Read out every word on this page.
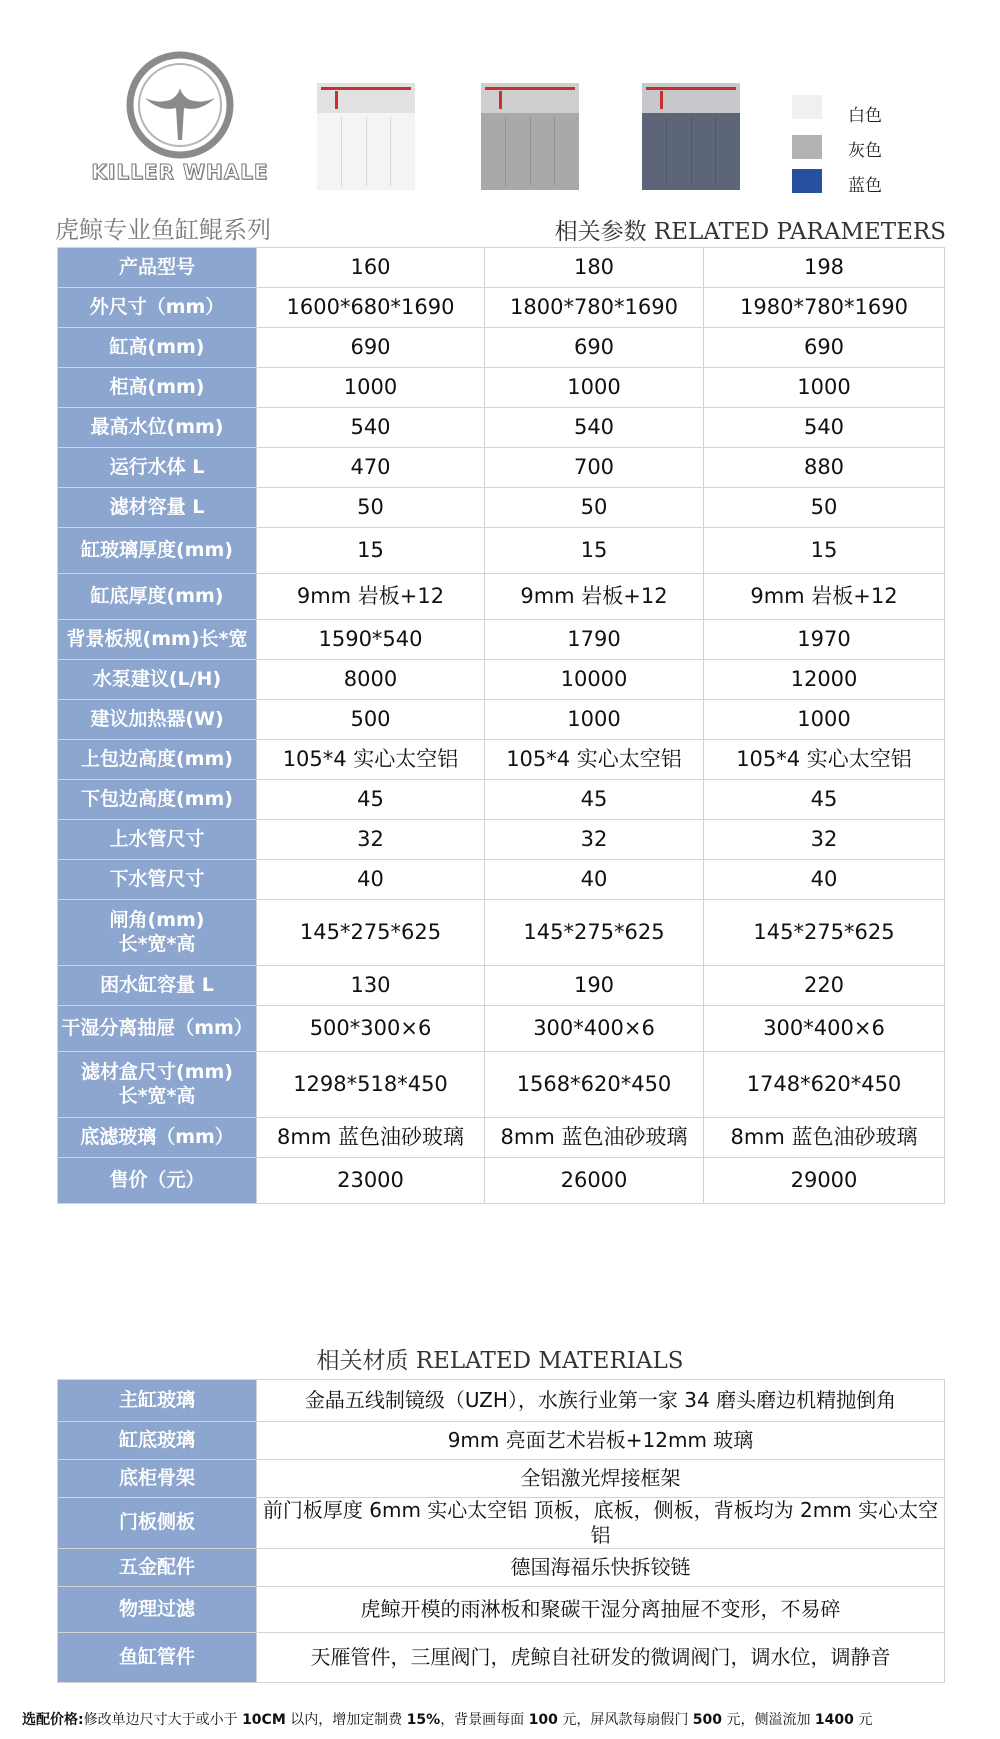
KILLER WHALE
白色
灰色
蓝色
虎鲸专业鱼缸鲲系列	相关参数 RELATED PARAMETERS
产品型号	160	180	198
外尺寸（mm）	1600*680*1690	1800*780*1690	1980*780*1690
缸高(mm)	690	690	690
柜高(mm)	1000	1000	1000
最高水位(mm)	540	540	540
运行水体 L	470	700	880
滤材容量 L	50	50	50
缸玻璃厚度(mm)	15	15	15
缸底厚度(mm)	9mm 岩板+12	9mm 岩板+12	9mm 岩板+12
背景板规(mm)长*宽	1590*540	1790	1970
水泵建议(L/H)	8000	10000	12000
建议加热器(W)	500	1000	1000
上包边高度(mm)	105*4 实心太空铝	105*4 实心太空铝	105*4 实心太空铝
下包边高度(mm)	45	45	45
上水管尺寸	32	32	32
下水管尺寸	40	40	40
闸角(mm)
长*宽*高	145*275*625	145*275*625	145*275*625
困水缸容量 L	130	190	220
干湿分离抽屉（mm）	500*300×6	300*400×6	300*400×6
滤材盒尺寸(mm)
长*宽*高	1298*518*450	1568*620*450	1748*620*450
底滤玻璃（mm）	8mm 蓝色油砂玻璃	8mm 蓝色油砂玻璃	8mm 蓝色油砂玻璃
售价（元）	23000	26000	29000
相关材质 RELATED MATERIALS
主缸玻璃	金晶五线制镜级（UZH），水族行业第一家 34 磨头磨边机精抛倒角
缸底玻璃	9mm 亮面艺术岩板+12mm 玻璃
底柜骨架	全铝激光焊接框架
门板侧板	前门板厚度 6mm 实心太空铝 顶板，底板，侧板，背板均为 2mm 实心太空铝
五金配件	德国海福乐快拆铰链
物理过滤	虎鲸开模的雨淋板和聚碳干湿分离抽屉不变形，不易碎
鱼缸管件	天雁管件，三厘阀门，虎鲸自社研发的微调阀门，调水位，调静音
选配价格:修改单边尺寸大于或小于 10CM 以内，增加定制费 15%，背景画每面 100 元，屏风款每扇假门 500 元，侧溢流加 1400 元
